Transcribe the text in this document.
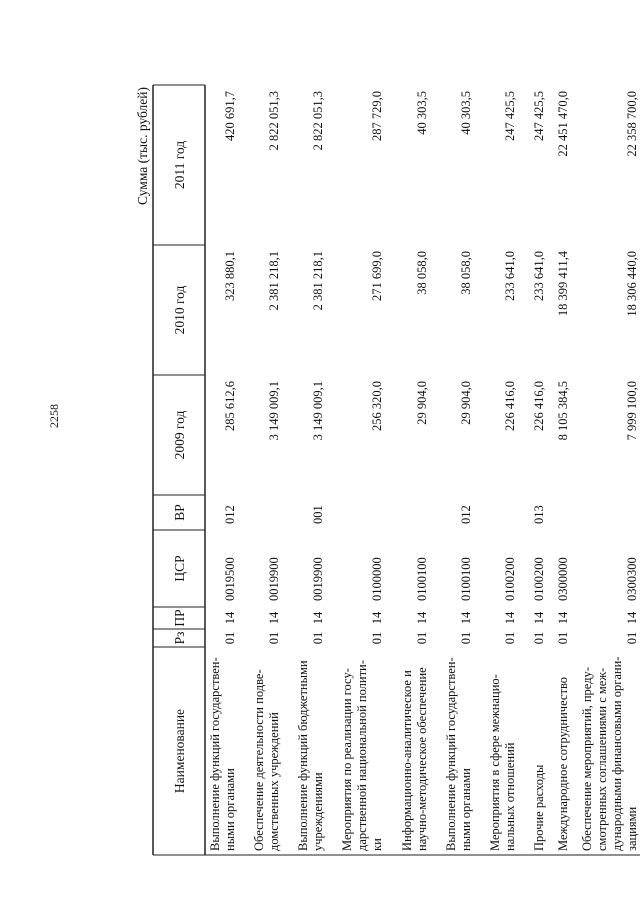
2258
Сумма (тыс. рублей)
Наименование
Рз
ПР
ЦСР
ВР
2009 год
2010 год
2011 год
Выполнение функций государствен- ными органами
01
14
0019500
012
285 612,6
323 880,1
420 691,7
Обеспечение деятельности подве- домственных учреждений
01
14
0019900
3 149 009,1
2 381 218,1
2 822 051,3
Выполнение функций бюджетными учреждениями
01
14
0019900
001
3 149 009,1
2 381 218,1
2 822 051,3
Мероприятия по реализации госу- дарственной национальной полити- ки
01
14
0100000
256 320,0
271 699,0
287 729,0
Информационно-аналитическое и научно-методическое обеспечение
01
14
0100100
29 904,0
38 058,0
40 303,5
Выполнение функций государствен- ными органами
01
14
0100100
012
29 904,0
38 058,0
40 303,5
Мероприятия в сфере межнацио- нальных отношений
01
14
0100200
226 416,0
233 641,0
247 425,5
Прочие расходы
01
14
0100200
013
226 416,0
233 641,0
247 425,5
Международное сотрудничество
01
14
0300000
8 105 384,5
18 399 411,4
22 451 470,0
Обеспечение мероприятий, преду- смотренных соглашениями с меж- дународными финансовыми органи- зациями
01
14
0300300
7 999 100,0
18 306 440,0
22 358 700,0
